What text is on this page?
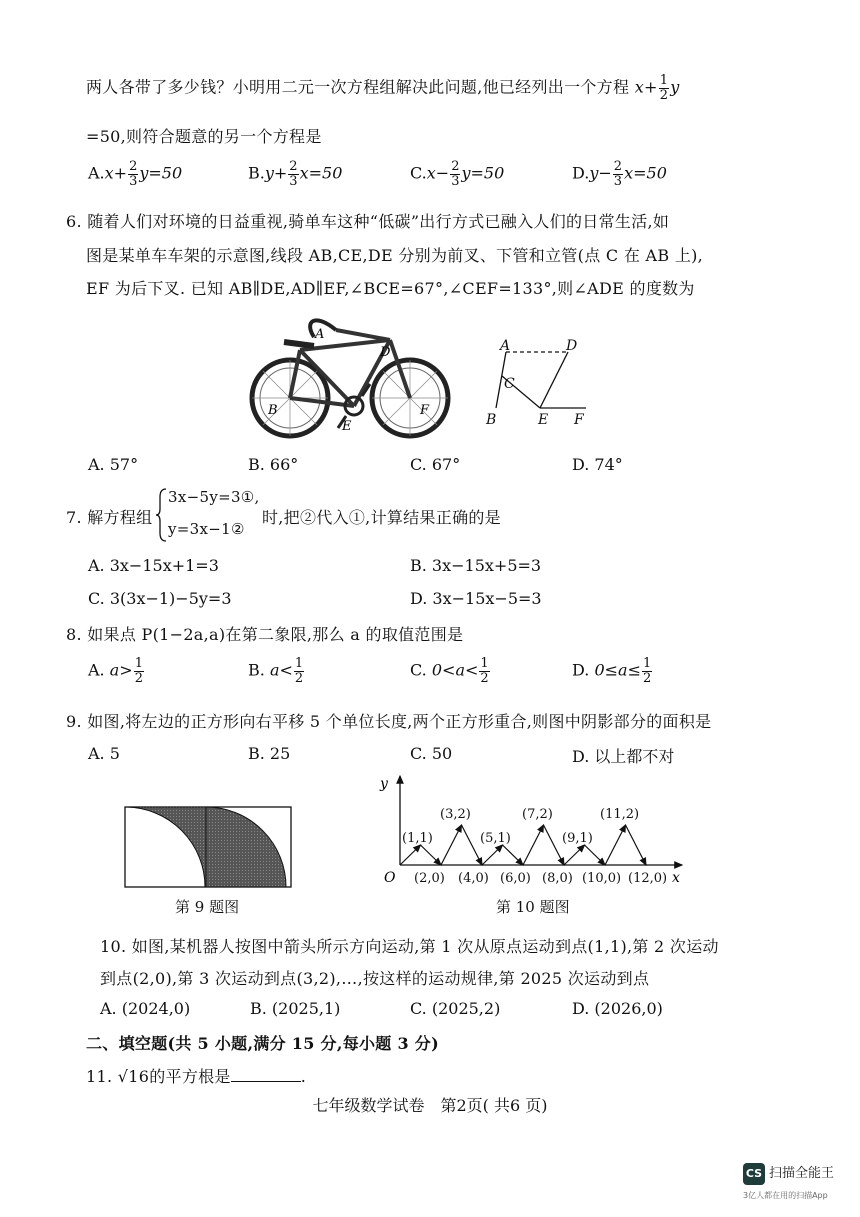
两人各带了多少钱？小明用二元一次方程组解决此问题,他已经列出一个方程 $x+ \frac{1}{2}$ y
=50,则符合题意的另一个方程是
$A.x+ \frac{2}{3} y=50$	$B.y+ \frac{2}{3} x=50$	$C.x- \frac{2}{3} y=50$	$D.y- \frac{2}{3} x=50$
6. 随着人们对环境的日益重视,骑单车这种“低碳”出行方式已融入人们的日常生活,如
图是某单车车架的示意图,线段 AB,CE,DE 分别为前叉、下管和立管(点 C 在 AB 上),
EF 为后下叉. 已知 AB∥DE,AD∥EF,∠BCE=67°,∠CEF=133°,则∠ADE 的度数为
A
D
B
E
F
A	D
C
B	E F
A. 57°	B. 66°	C. 67°	D. 74°
7. 解方程组
3x−5y=3①,
y=3x−1②
时,把②代入①,计算结果正确的是
A. 3x−15x+1=3	B. 3x−15x+5=3
C. 3(3x−1)−5y=3	D. 3x−15x−5=3
8. 如果点 P(1−2a,a)在第二象限,那么 a 的取值范围是
A. $a> \frac{1}{2}$	B. $a< \frac{1}{2}$	C. $0<a< \frac{1}{2}$	D. $0\le a\le \frac{1}{2}$
9. 如图,将左边的正方形向右平移 5 个单位长度,两个正方形重合,则图中阴影部分的面积是
A. 5	B. 25	C. 50	D. 以上都不对
第 9 题图
x
y
O
(1,1)
(3,2)
(5,1)
(7,2)
(9,1)
(11,2)
(2,0) (4,0) (6,0) (8,0) (10,0) (12,0)
第 10 题图
10. 如图,某机器人按图中箭头所示方向运动,第 1 次从原点运动到点(1,1),第 2 次运动
到点(2,0),第 3 次运动到点(3,2),…,按这样的运动规律,第 2025 次运动到点
A. (2024,0)	B. (2025,1)	C. (2025,2)	D. (2026,0)
二、填空题(共 5 小题,满分 15 分,每小题 3 分)
11. √16的平方根是	.
七年级数学试卷　第2页( 共6 页)
CS 扫描全能王
3亿人都在用的扫描App
